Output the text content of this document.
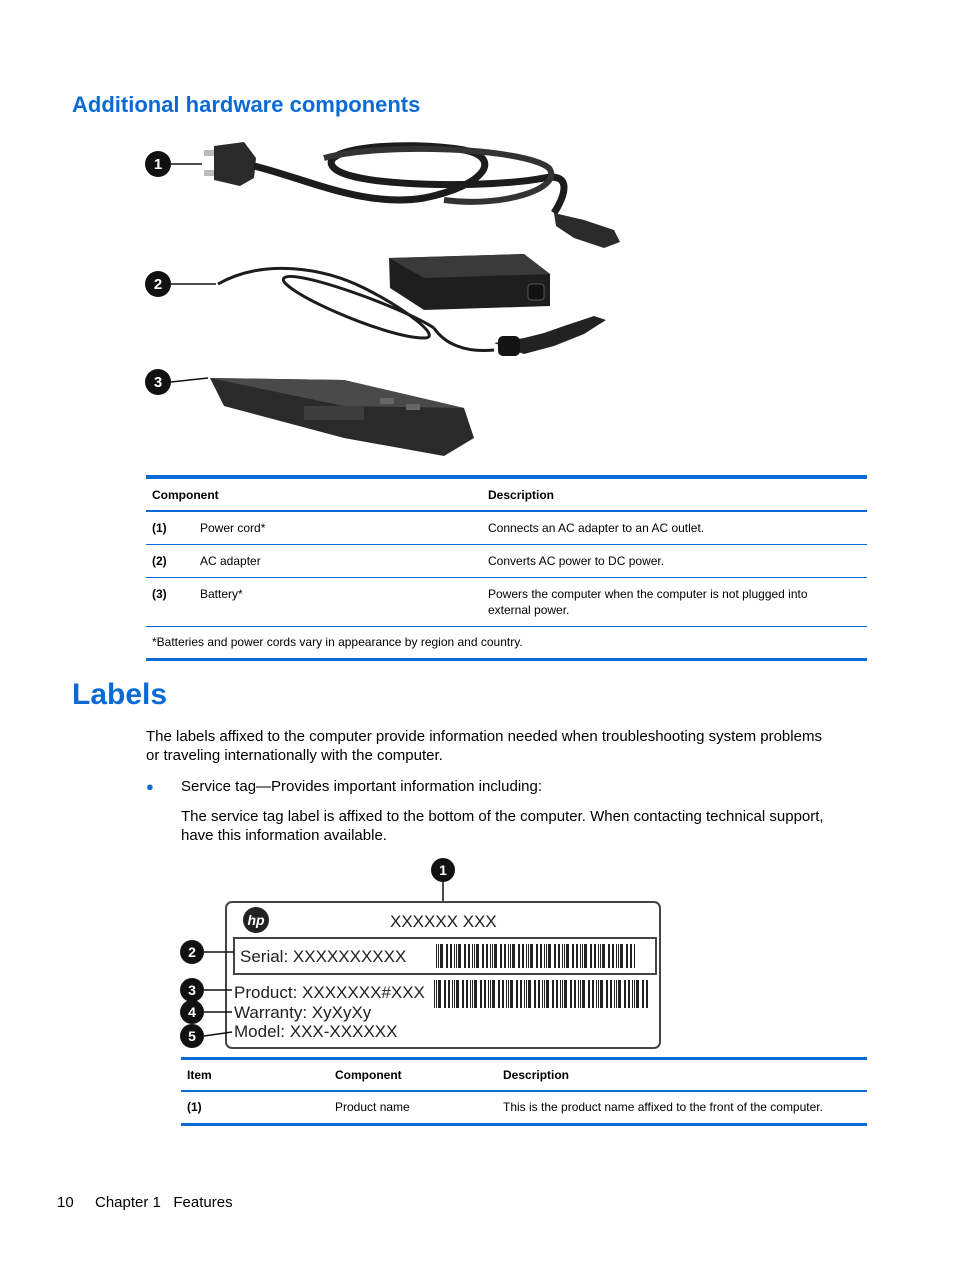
Additional hardware components
1
2
3
Component		Description
(1)	Power cord*	Connects an AC adapter to an AC outlet.
(2)	AC adapter	Converts AC power to DC power.
(3)	Battery*	Powers the computer when the computer is not plugged into external power.
*Batteries and power cords vary in appearance by region and country.		
Labels

The labels affixed to the computer provide information needed when troubleshooting system problems or traveling internationally with the computer.

● Service tag—Provides important information including:

The service tag label is affixed to the bottom of the computer. When contacting technical support, have this information available.

1
hp	XXXXXX XXX
Serial: XXXXXXXXXX
Product: XXXXXXX#XXX
Warranty: XyXyXy
Model: XXX-XXXXXX
2
3
4
5
Item	Component	Description
(1)	Product name	This is the product name affixed to the front of the computer.
10 Chapter 1   Features
